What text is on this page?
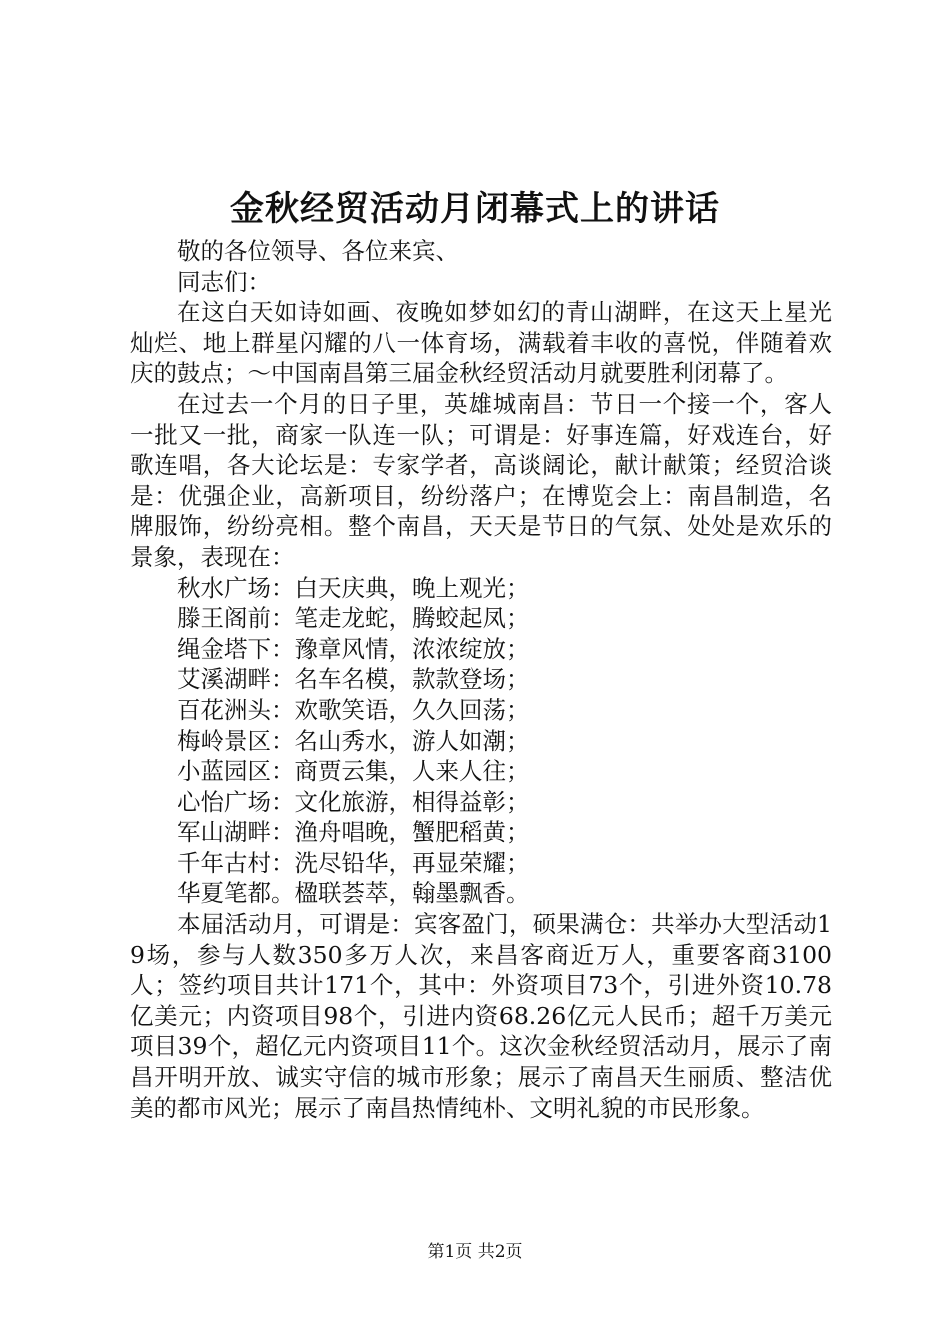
金秋经贸活动月闭幕式上的讲话

敬的各位领导、各位来宾、

同志们：

在这白天如诗如画、夜晚如梦如幻的青山湖畔，在这天上星光灿烂、地上群星闪耀的八一体育场，满载着丰收的喜悦，伴随着欢庆的鼓点；～中国南昌第三届金秋经贸活动月就要胜利闭幕了。

在过去一个月的日子里，英雄城南昌：节日一个接一个，客人一批又一批，商家一队连一队；可谓是：好事连篇，好戏连台，好歌连唱，各大论坛是：专家学者，高谈阔论，献计献策；经贸洽谈是：优强企业，高新项目，纷纷落户；在博览会上：南昌制造，名牌服饰，纷纷亮相。整个南昌，天天是节日的气氛、处处是欢乐的景象，表现在：

秋水广场：白天庆典，晚上观光；

滕王阁前：笔走龙蛇，腾蛟起凤；

绳金塔下：豫章风情，浓浓绽放；

艾溪湖畔：名车名模，款款登场；

百花洲头：欢歌笑语，久久回荡；

梅岭景区：名山秀水，游人如潮；

小蓝园区：商贾云集，人来人往；

心怡广场：文化旅游，相得益彰；

军山湖畔：渔舟唱晚，蟹肥稻黄；

千年古村：洗尽铅华，再显荣耀；

华夏笔都。楹联荟萃，翰墨飘香。

本届活动月，可谓是：宾客盈门，硕果满仓：共举办大型活动19场，参与人数350多万人次，来昌客商近万人，重要客商3100人；签约项目共计171个，其中：外资项目73个，引进外资10.78亿美元；内资项目98个，引进内资68.26亿元人民币；超千万美元项目39个，超亿元内资项目11个。这次金秋经贸活动月，展示了南昌开明开放、诚实守信的城市形象；展示了南昌天生丽质、整洁优美的都市风光；展示了南昌热情纯朴、文明礼貌的市民形象。

第1页 共2页
